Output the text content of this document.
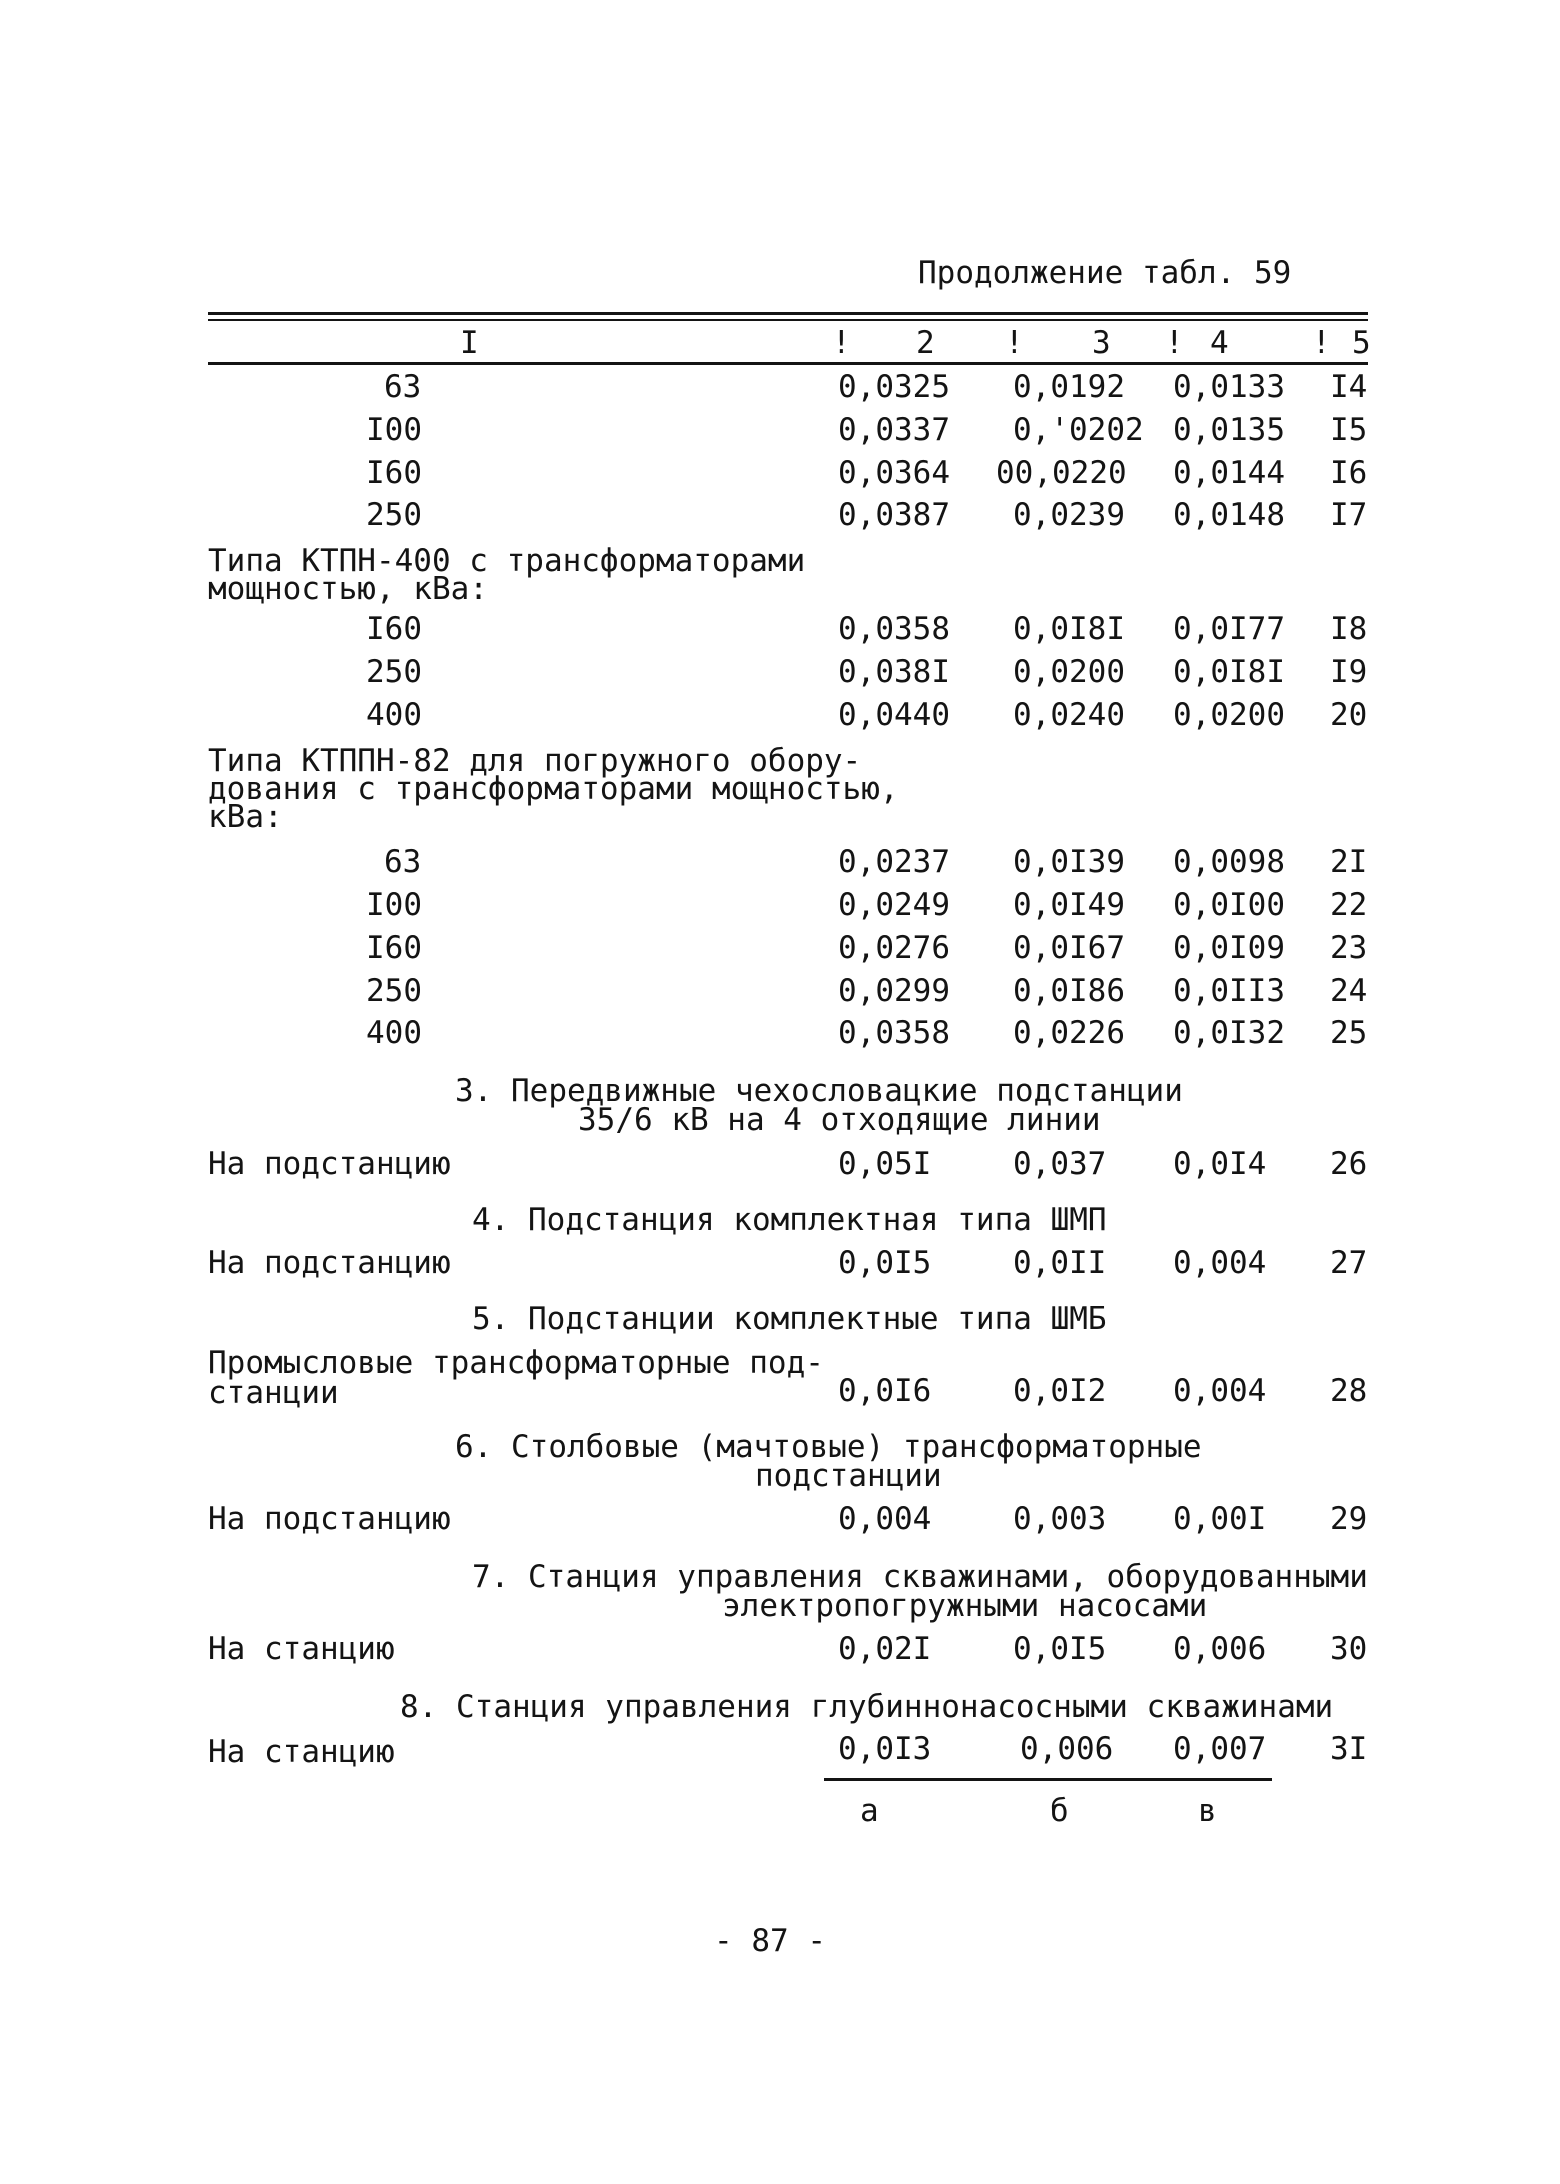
Продолжение табл. 59
I	! 2 ! 3 ! 4	! 5
63	0,0325 0,0192 0,0133 I4
I00	0,0337 0,'0202 0,0135 I5
I60	0,0364 00,0220 0,0144 I6
250	0,0387 0,0239 0,0148 I7
Типа КТПН-400 с трансформаторами
мощностью, кВа:
I60	0,0358 0,0I8I 0,0I77 I8
250	0,038I 0,0200 0,0I8I I9
400	0,0440 0,0240 0,0200 20
Типа КТППН-82 для погружного обору-
дования с трансформаторами мощностью,
кВа:
63	0,0237 0,0I39 0,0098 2I
I00	0,0249 0,0I49 0,0I00 22
I60	0,0276 0,0I67 0,0I09 23
250	0,0299 0,0I86 0,0II3 24
400	0,0358 0,0226 0,0I32 25
3. Передвижные чехословацкие подстанции
35/6 кВ на 4 отходящие линии
На подстанцию	0,05I	0,037 0,0I4 26
4. Подстанция комплектная типа ШМП
На подстанцию	0,0I5	0,0II 0,004 27
5. Подстанции комплектные типа ШМБ
Промысловые трансформаторные под-
станции	0,0I6	0,0I2 0,004 28
6. Столбовые (мачтовые) трансформаторные
подстанции
На подстанцию	0,004	0,003 0,00I 29
7. Станция управления скважинами, оборудованными
электропогружными насосами
На станцию	0,02I	0,0I5 0,006 30
8. Станция управления глубиннонасосными скважинами
На станцию	0,0I3	0,006 0,007 3I
а	б	в
- 87 -
